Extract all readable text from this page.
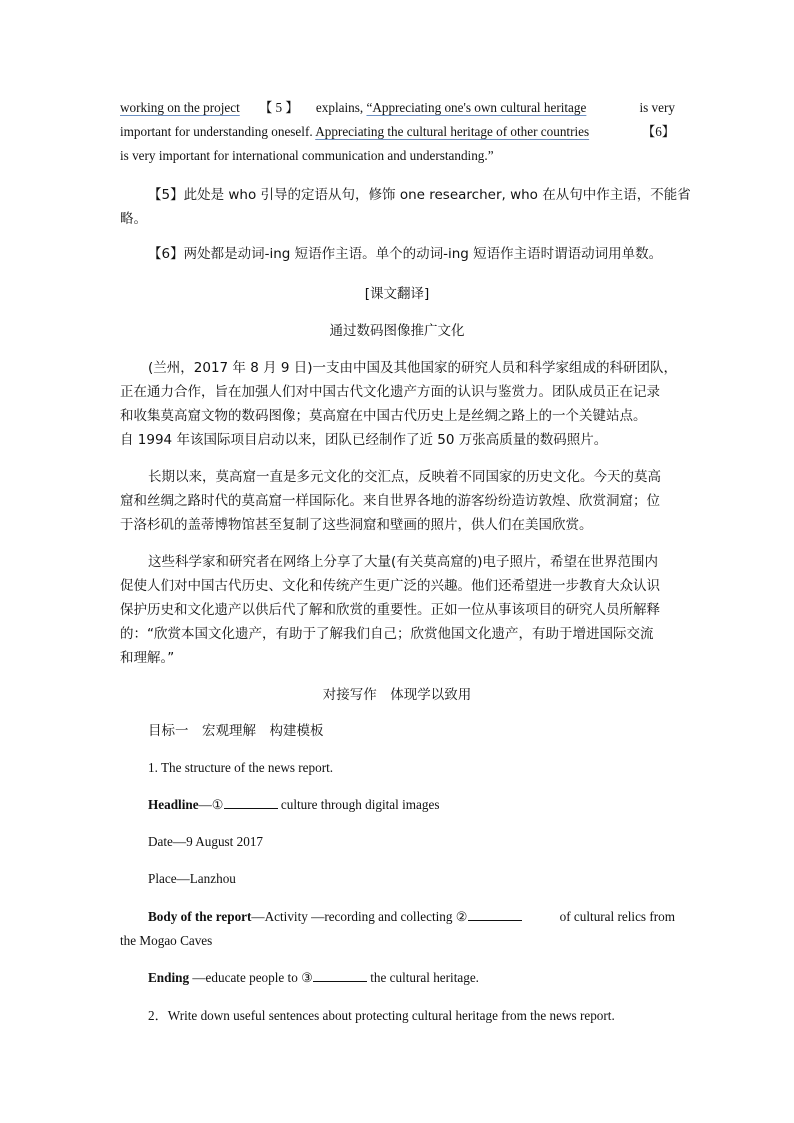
working on the project 【 5 】 explains, “Appreciating one's own cultural heritage	is very
important for understanding oneself. Appreciating the cultural heritage of other countries	【6】
is very important for international communication and understanding.”
【5】此处是 who 引导的定语从句，修饰 one researcher, who 在从句中作主语，不能省
略。
【6】两处都是动词-ing 短语作主语。单个的动词-ing 短语作主语时谓语动词用单数。
[课文翻译]
通过数码图像推广文化
(兰州，2017 年 8 月 9 日)一支由中国及其他国家的研究人员和科学家组成的科研团队，
正在通力合作，旨在加强人们对中国古代文化遗产方面的认识与鉴赏力。团队成员正在记录
和收集莫高窟文物的数码图像；莫高窟在中国古代历史上是丝绸之路上的一个关键站点。
自 1994 年该国际项目启动以来，团队已经制作了近 50 万张高质量的数码照片。
长期以来，莫高窟一直是多元文化的交汇点，反映着不同国家的历史文化。今天的莫高
窟和丝绸之路时代的莫高窟一样国际化。来自世界各地的游客纷纷造访敦煌、欣赏洞窟；位
于洛杉矶的盖蒂博物馆甚至复制了这些洞窟和壁画的照片，供人们在美国欣赏。
这些科学家和研究者在网络上分享了大量(有关莫高窟的)电子照片，希望在世界范围内
促使人们对中国古代历史、文化和传统产生更广泛的兴趣。他们还希望进一步教育大众认识
保护历史和文化遗产以供后代了解和欣赏的重要性。正如一位从事该项目的研究人员所解释
的：“欣赏本国文化遗产，有助于了解我们自己；欣赏他国文化遗产，有助于增进国际交流
和理解。”
对接写作　体现学以致用
目标一　宏观理解　构建模板
1. The structure of the news report.
Headline—①	culture through digital images
Date—9 August 2017
Place—Lanzhou
Body of the report—Activity —recording and collecting ②	of cultural relics from
the Mogao Caves
Ending —educate people to ③	the cultural heritage.
2．Write down useful sentences about protecting cultural heritage from the news report.
